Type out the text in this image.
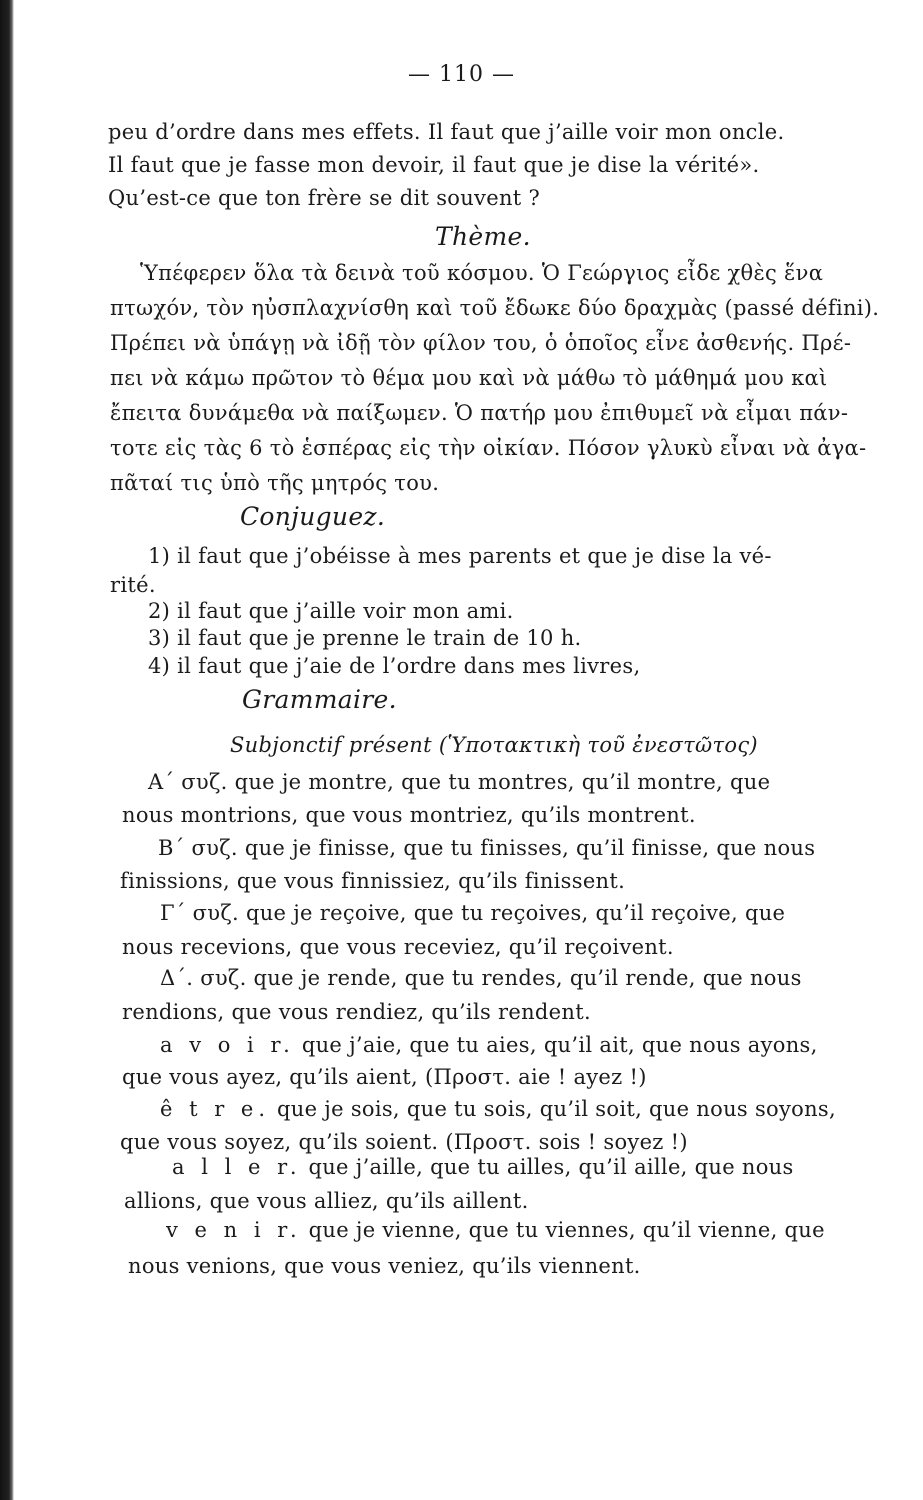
— 110 —
peu d’ordre dans mes effets. Il faut que j’aille voir mon oncle.
Il faut que je fasse mon devoir, il faut que je dise la vérité».
Qu’est-ce que ton frère se dit souvent ?
Thème.
Ὑπέφερεν ὅλα τὰ δεινὰ τοῦ κόσμου. Ὁ Γεώργιος εἶδε χθὲς ἕνα
πτωχόν, τὸν ηὐσπλαχνίσθη καὶ τοῦ ἔδωκε δύο δραχμὰς (passé défini).
Πρέπει νὰ ὑπάγῃ νὰ ἰδῇ τὸν φίλον του, ὁ ὁποῖος εἶνε ἀσθενής. Πρέ-
πει νὰ κάμω πρῶτον τὸ θέμα μου καὶ νὰ μάθω τὸ μάθημά μου καὶ
ἔπειτα δυνάμεθα νὰ παίξωμεν. Ὁ πατήρ μου ἐπιθυμεῖ νὰ εἶμαι πάν-
τοτε εἰς τὰς 6 τὸ ἑσπέρας εἰς τὴν οἰκίαν. Πόσον γλυκὺ εἶναι νὰ ἀγα-
πᾶταί τις ὑπὸ τῆς μητρός του.
Conjuguez.
1) il faut que j’obéisse à mes parents et que je dise la vé-
rité.
2) il faut que j’aille voir mon ami.
3) il faut que je prenne le train de 10 h.
4) il faut que j’aie de l’ordre dans mes livres,
Grammaire.
Subjonctif présent (Ὑποτακτικὴ τοῦ ἐνεστῶτος)
Α΄ συζ. que je montre, que tu montres, qu’il montre, que
nous montrions, que vous montriez, qu’ils montrent.
Β΄ συζ. que je finisse, que tu finisses, qu’il finisse, que nous
finissions, que vous finnissiez, qu’ils finissent.
Γ΄ συζ. que je reçoive, que tu reçoives, qu’il reçoive, que
nous recevions, que vous receviez, qu’il reçoivent.
Δ΄. συζ. que je rende, que tu rendes, qu’il rende, que nous
rendions, que vous rendiez, qu’ils rendent.
a v o i r. que j’aie, que tu aies, qu’il ait, que nous ayons,
que vous ayez, qu’ils aient, (Προστ. aie ! ayez !)
ê t r e. que je sois, que tu sois, qu’il soit, que nous soyons,
que vous soyez, qu’ils soient. (Προστ. sois ! soyez !)
a l l e r. que j’aille, que tu ailles, qu’il aille, que nous
allions, que vous alliez, qu’ils aillent.
v e n i r. que je vienne, que tu viennes, qu’il vienne, que
nous venions, que vous veniez, qu’ils viennent.
